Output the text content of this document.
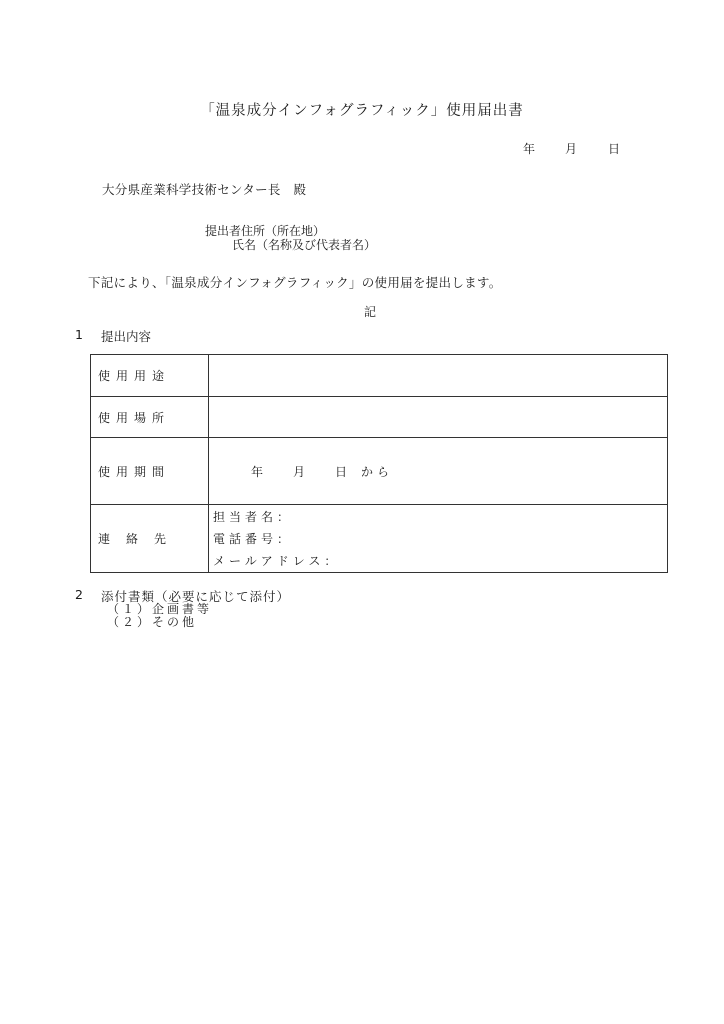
「温泉成分インフォグラフィック」使用届出書
年 月	日
大分県産業科学技術センター長　殿
提出者住所（所在地）
氏名（名称及び代表者名）
下記により、「温泉成分インフォグラフィック」の使用届を提出します。
記
1 提出内容
使用用途	
使用場所	
使用期間	年 月 日 から
連　絡　先	担当者名：
電話番号：
メールアドレス：
2 添付書類（必要に応じて添付）
（１）企画書等
（２）その他
